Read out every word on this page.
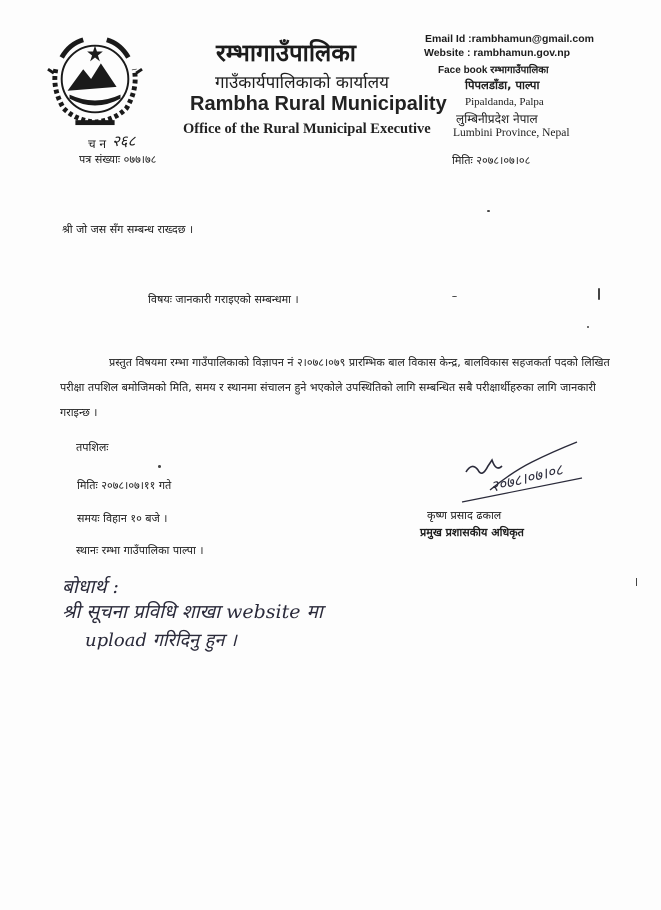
रम्भागाउँपालिका
गाउँकार्यपालिकाको कार्यालय
Rambha Rural Municipality
Office of the Rural Municipal Executive
Email Id :rambhamun@gmail.com
Website : rambhamun.gov.np
Face book रम्भागाउँपालिका
पिपलडाँडा, पाल्पा
Pipaldanda, Palpa
लुम्बिनीप्रदेश नेपाल
Lumbini Province, Nepal
च न २६८
पत्र संख्याः ०७७।७८	मितिः २०७८।०७।०८
श्री जो जस सँग सम्बन्ध राख्दछ ।
विषयः जानकारी गराइएको सम्बन्धमा ।
प्रस्तुत विषयमा रम्भा गाउँपालिकाको विज्ञापन नं २।०७८।०७९ प्रारम्भिक बाल विकास केन्द्र, बालविकास सहजकर्ता पदको लिखित परीक्षा तपशिल बमोजिमको मिति, समय र स्थानमा संचालन हुने भएकोले उपस्थितिको लागि सम्बन्धित सबै परीक्षार्थीहरुका लागि जानकारी गराइन्छ ।
तपशिलः
मितिः २०७८।०७।११ गते
समयः विहान १० बजे ।
स्थानः रम्भा गाउँपालिका पाल्पा ।
२०७८।०७।०८
कृष्ण प्रसाद ढकाल
प्रमुख प्रशासकीय अधिकृत
बोधार्थ :
श्री सूचना प्रविधि शाखा website मा
upload गरिदिनु हुन ।
